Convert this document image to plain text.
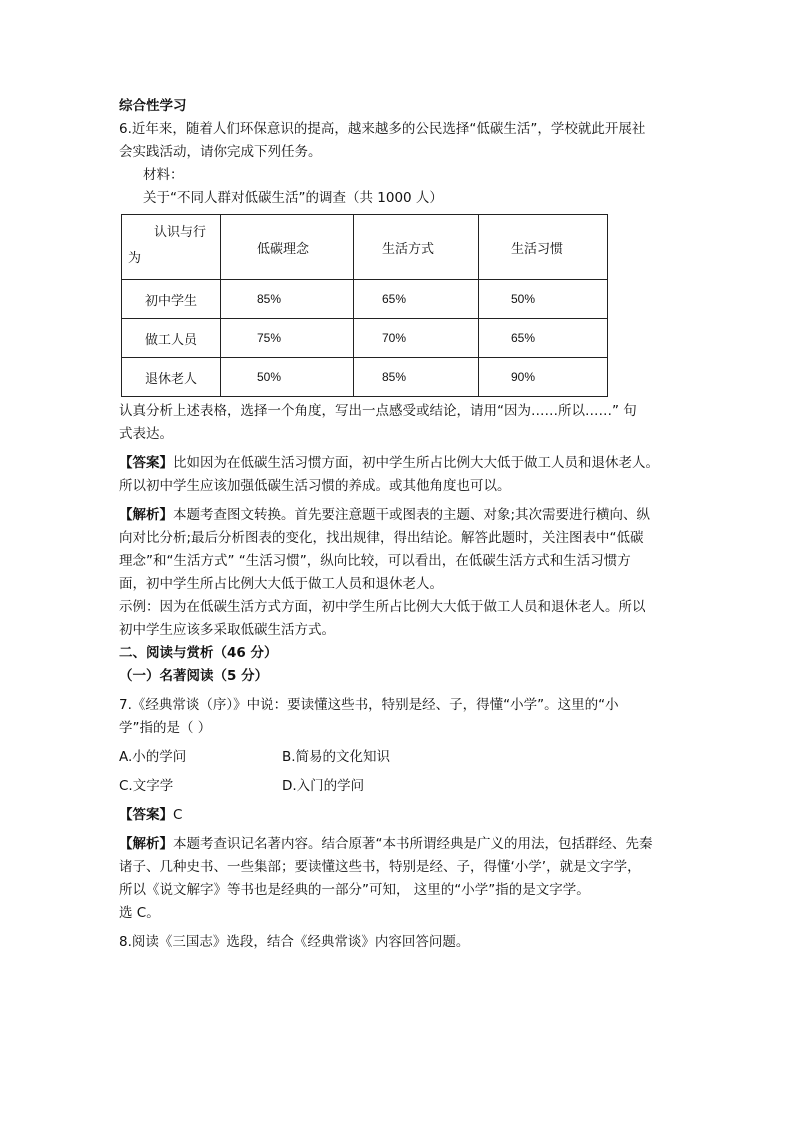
综合性学习
6.近年来，随着人们环保意识的提高，越来越多的公民选择“低碳生活”，学校就此开展社
会实践活动，请你完成下列任务。
材料：
关于“不同人群对低碳生活”的调查（共 1000 人）
认识与行
为	低碳理念	生活方式	生活习惯
初中学生	85%	65%	50%
做工人员	75%	70%	65%
退休老人	50%	85%	90%
认真分析上述表格，选择一个角度，写出一点感受或结论，请用“因为……所以……” 句
式表达。
【答案】比如因为在低碳生活习惯方面，初中学生所占比例大大低于做工人员和退休老人。
所以初中学生应该加强低碳生活习惯的养成。或其他角度也可以。
【解析】本题考查图文转换。首先要注意题干或图表的主题、对象;其次需要进行横向、纵
向对比分析;最后分析图表的变化，找出规律，得出结论。解答此题时，关注图表中“低碳
理念”和“生活方式” “生活习惯”，纵向比较，可以看出，在低碳生活方式和生活习惯方
面，初中学生所占比例大大低于做工人员和退休老人。
示例：因为在低碳生活方式方面，初中学生所占比例大大低于做工人员和退休老人。所以
初中学生应该多采取低碳生活方式。
二、阅读与赏析（46 分）
（一）名著阅读（5 分）
7.《经典常谈（序）》中说：要读懂这些书，特别是经、子，得懂“小学”。这里的“小
学”指的是（ ）
A.小的学问	B.简易的文化知识
C.文字学	D.入门的学问
【答案】C
【解析】本题考查识记名著内容。结合原著“本书所谓经典是广义的用法，包括群经、先秦
诸子、几种史书、一些集部；要读懂这些书，特别是经、子，得懂‘小学’，就是文字学，
所以《说文解字》等书也是经典的一部分”可知， 这里的“小学”指的是文字学。
选 C。
8.阅读《三国志》选段，结合《经典常谈》内容回答问题。
